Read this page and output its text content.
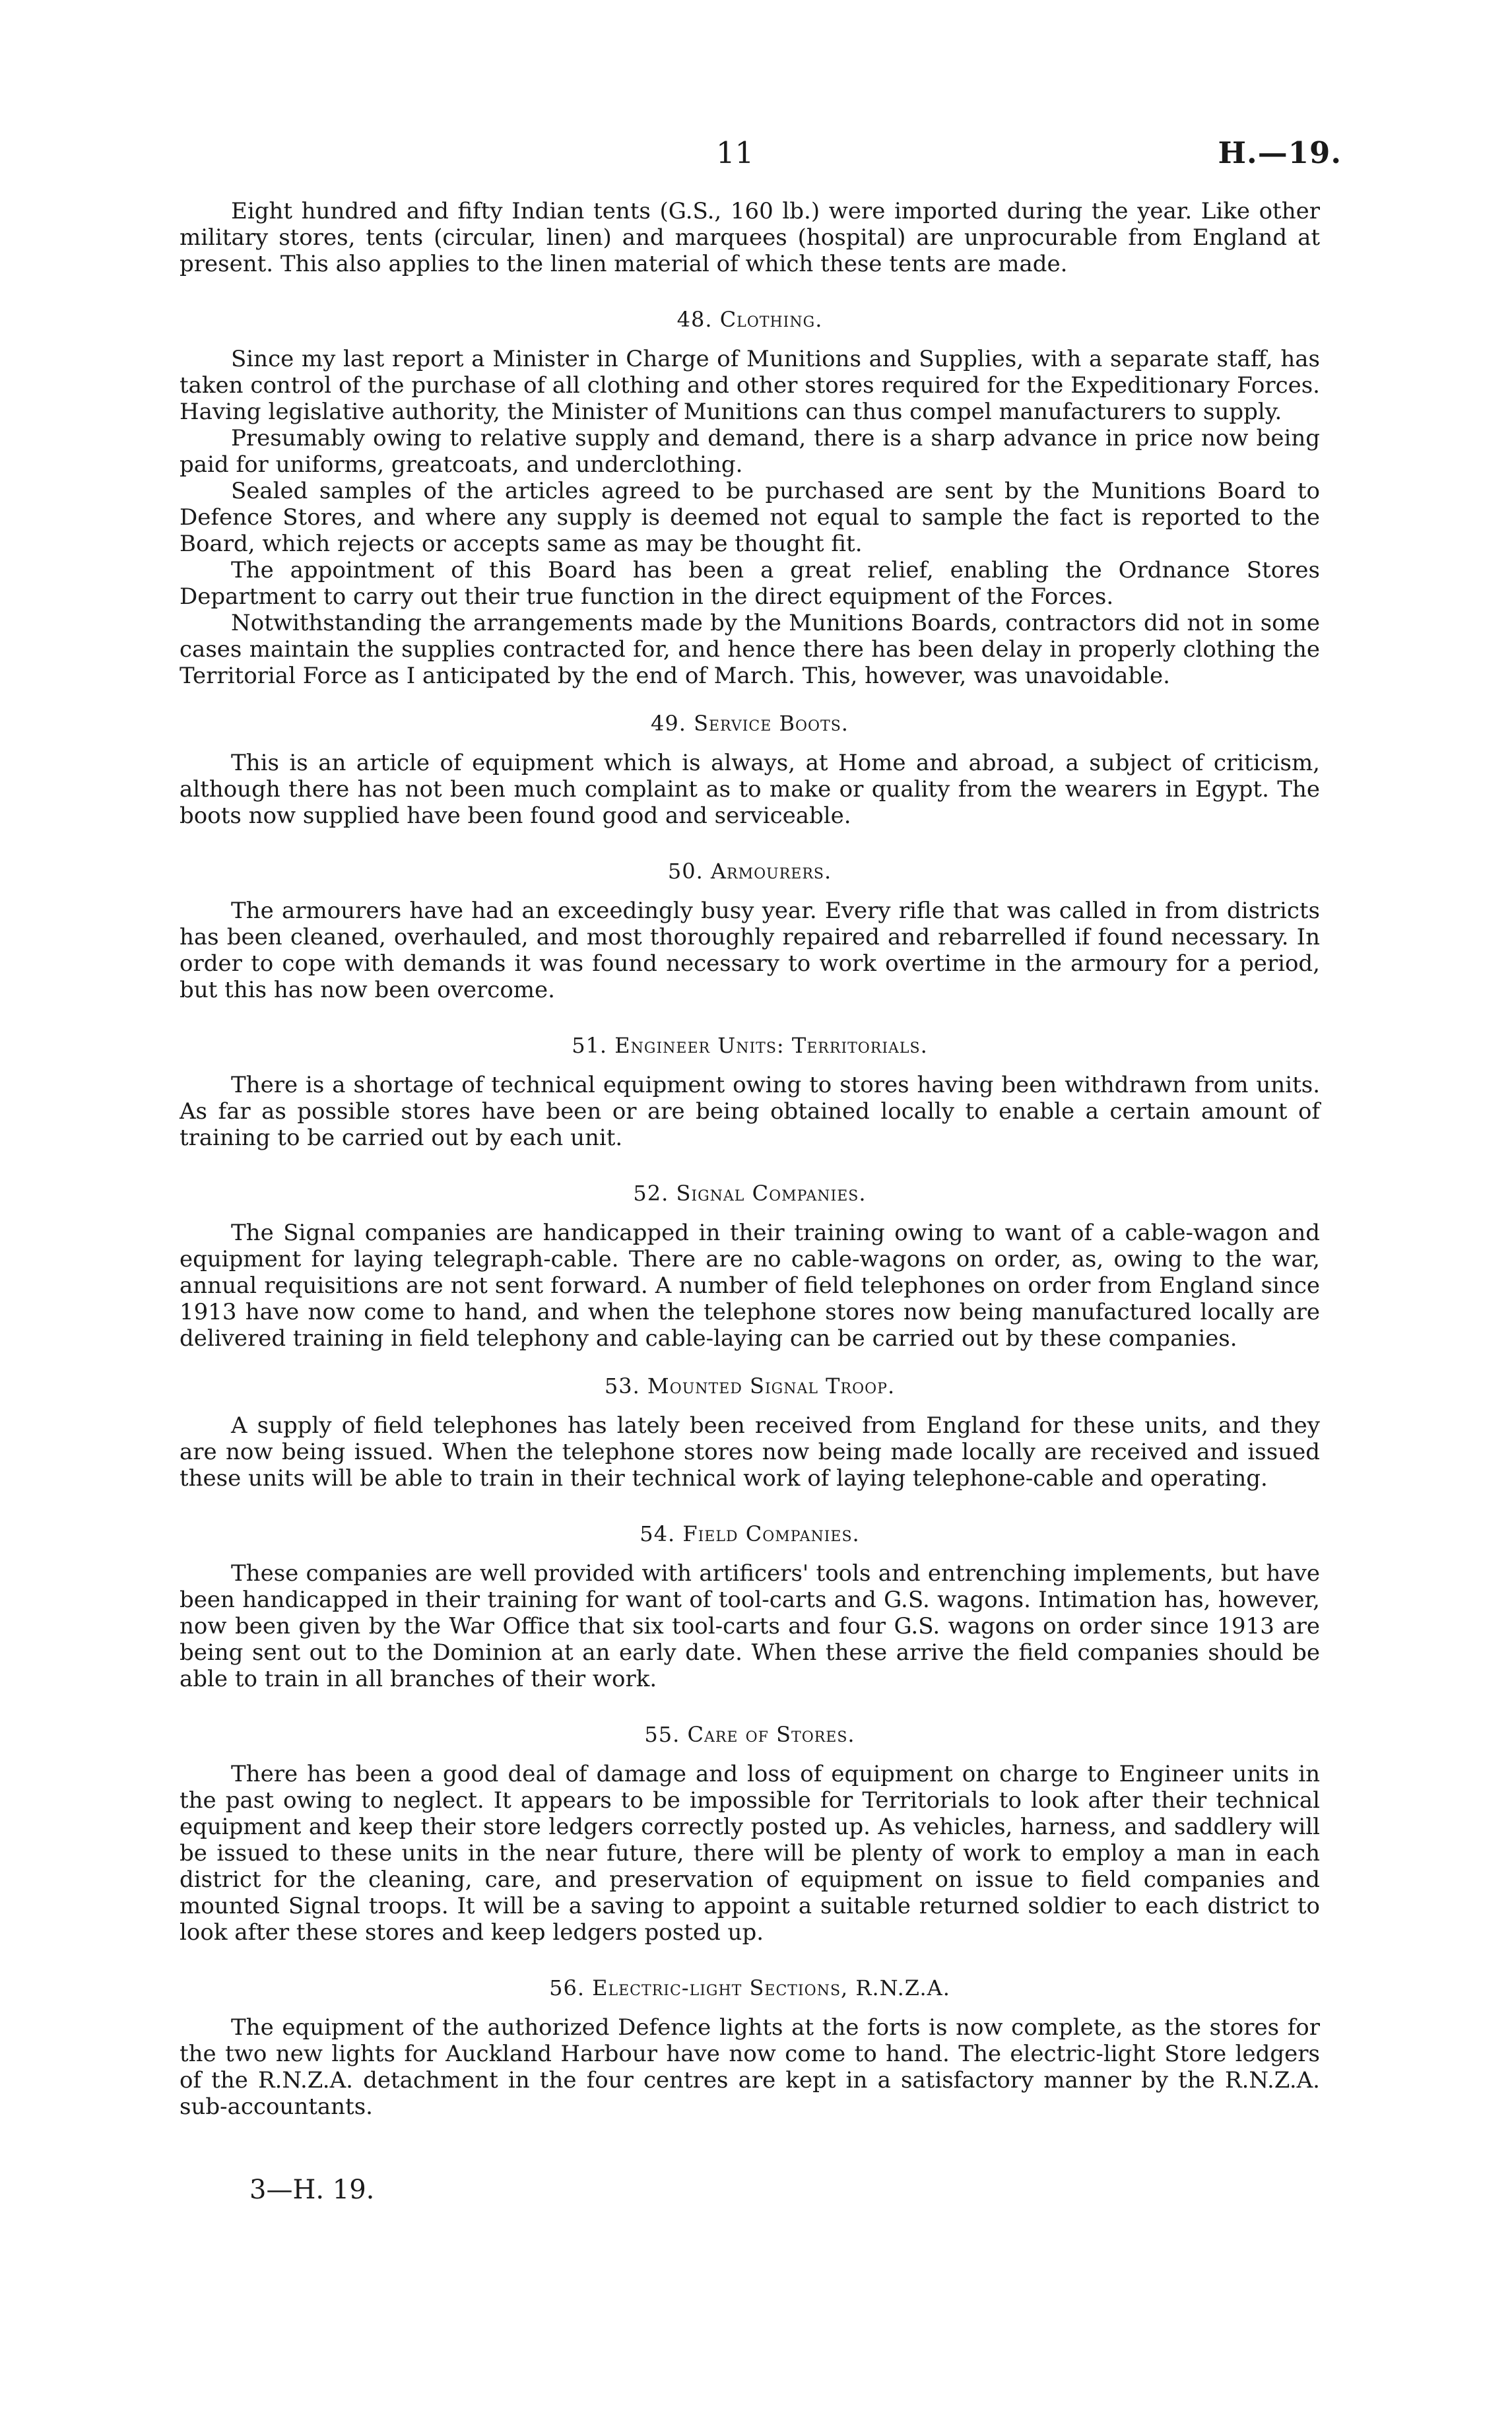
11	H.—19.

Eight hundred and fifty Indian tents (G.S., 160 lb.) were imported during the year. Like other military stores, tents (circular, linen) and marquees (hospital) are unprocurable from England at present. This also applies to the linen material of which these tents are made.

48. Clothing.

Since my last report a Minister in Charge of Munitions and Supplies, with a separate staff, has taken control of the purchase of all clothing and other stores required for the Expeditionary Forces. Having legislative authority, the Minister of Munitions can thus compel manufacturers to supply.

Presumably owing to relative supply and demand, there is a sharp advance in price now being paid for uniforms, greatcoats, and underclothing.

Sealed samples of the articles agreed to be purchased are sent by the Munitions Board to Defence Stores, and where any supply is deemed not equal to sample the fact is reported to the Board, which rejects or accepts same as may be thought fit.

The appointment of this Board has been a great relief, enabling the Ordnance Stores Department to carry out their true function in the direct equipment of the Forces.

Notwithstanding the arrangements made by the Munitions Boards, contractors did not in some cases maintain the supplies contracted for, and hence there has been delay in properly clothing the Territorial Force as I anticipated by the end of March. This, however, was unavoidable.

49. Service Boots.

This is an article of equipment which is always, at Home and abroad, a subject of criticism, although there has not been much complaint as to make or quality from the wearers in Egypt. The boots now supplied have been found good and serviceable.

50. Armourers.

The armourers have had an exceedingly busy year. Every rifle that was called in from districts has been cleaned, overhauled, and most thoroughly repaired and rebarrelled if found necessary. In order to cope with demands it was found necessary to work overtime in the armoury for a period, but this has now been overcome.

51. Engineer Units: Territorials.

There is a shortage of technical equipment owing to stores having been withdrawn from units. As far as possible stores have been or are being obtained locally to enable a certain amount of training to be carried out by each unit.

52. Signal Companies.

The Signal companies are handicapped in their training owing to want of a cable-wagon and equipment for laying telegraph-cable. There are no cable-wagons on order, as, owing to the war, annual requisitions are not sent forward. A number of field telephones on order from England since 1913 have now come to hand, and when the telephone stores now being manufactured locally are delivered training in field telephony and cable-laying can be carried out by these companies.

53. Mounted Signal Troop.

A supply of field telephones has lately been received from England for these units, and they are now being issued. When the telephone stores now being made locally are received and issued these units will be able to train in their technical work of laying telephone-cable and operating.

54. Field Companies.

These companies are well provided with artificers' tools and entrenching implements, but have been handicapped in their training for want of tool-carts and G.S. wagons. Intimation has, however, now been given by the War Office that six tool-carts and four G.S. wagons on order since 1913 are being sent out to the Dominion at an early date. When these arrive the field companies should be able to train in all branches of their work.

55. Care of Stores.

There has been a good deal of damage and loss of equipment on charge to Engineer units in the past owing to neglect. It appears to be impossible for Territorials to look after their technical equipment and keep their store ledgers correctly posted up. As vehicles, harness, and saddlery will be issued to these units in the near future, there will be plenty of work to employ a man in each district for the cleaning, care, and preservation of equipment on issue to field companies and mounted Signal troops. It will be a saving to appoint a suitable returned soldier to each district to look after these stores and keep ledgers posted up.

56. Electric-light Sections, R.N.Z.A.

The equipment of the authorized Defence lights at the forts is now complete, as the stores for the two new lights for Auckland Harbour have now come to hand. The electric-light Store ledgers of the R.N.Z.A. detachment in the four centres are kept in a satisfactory manner by the R.N.Z.A. sub-accountants.

3—H. 19.
